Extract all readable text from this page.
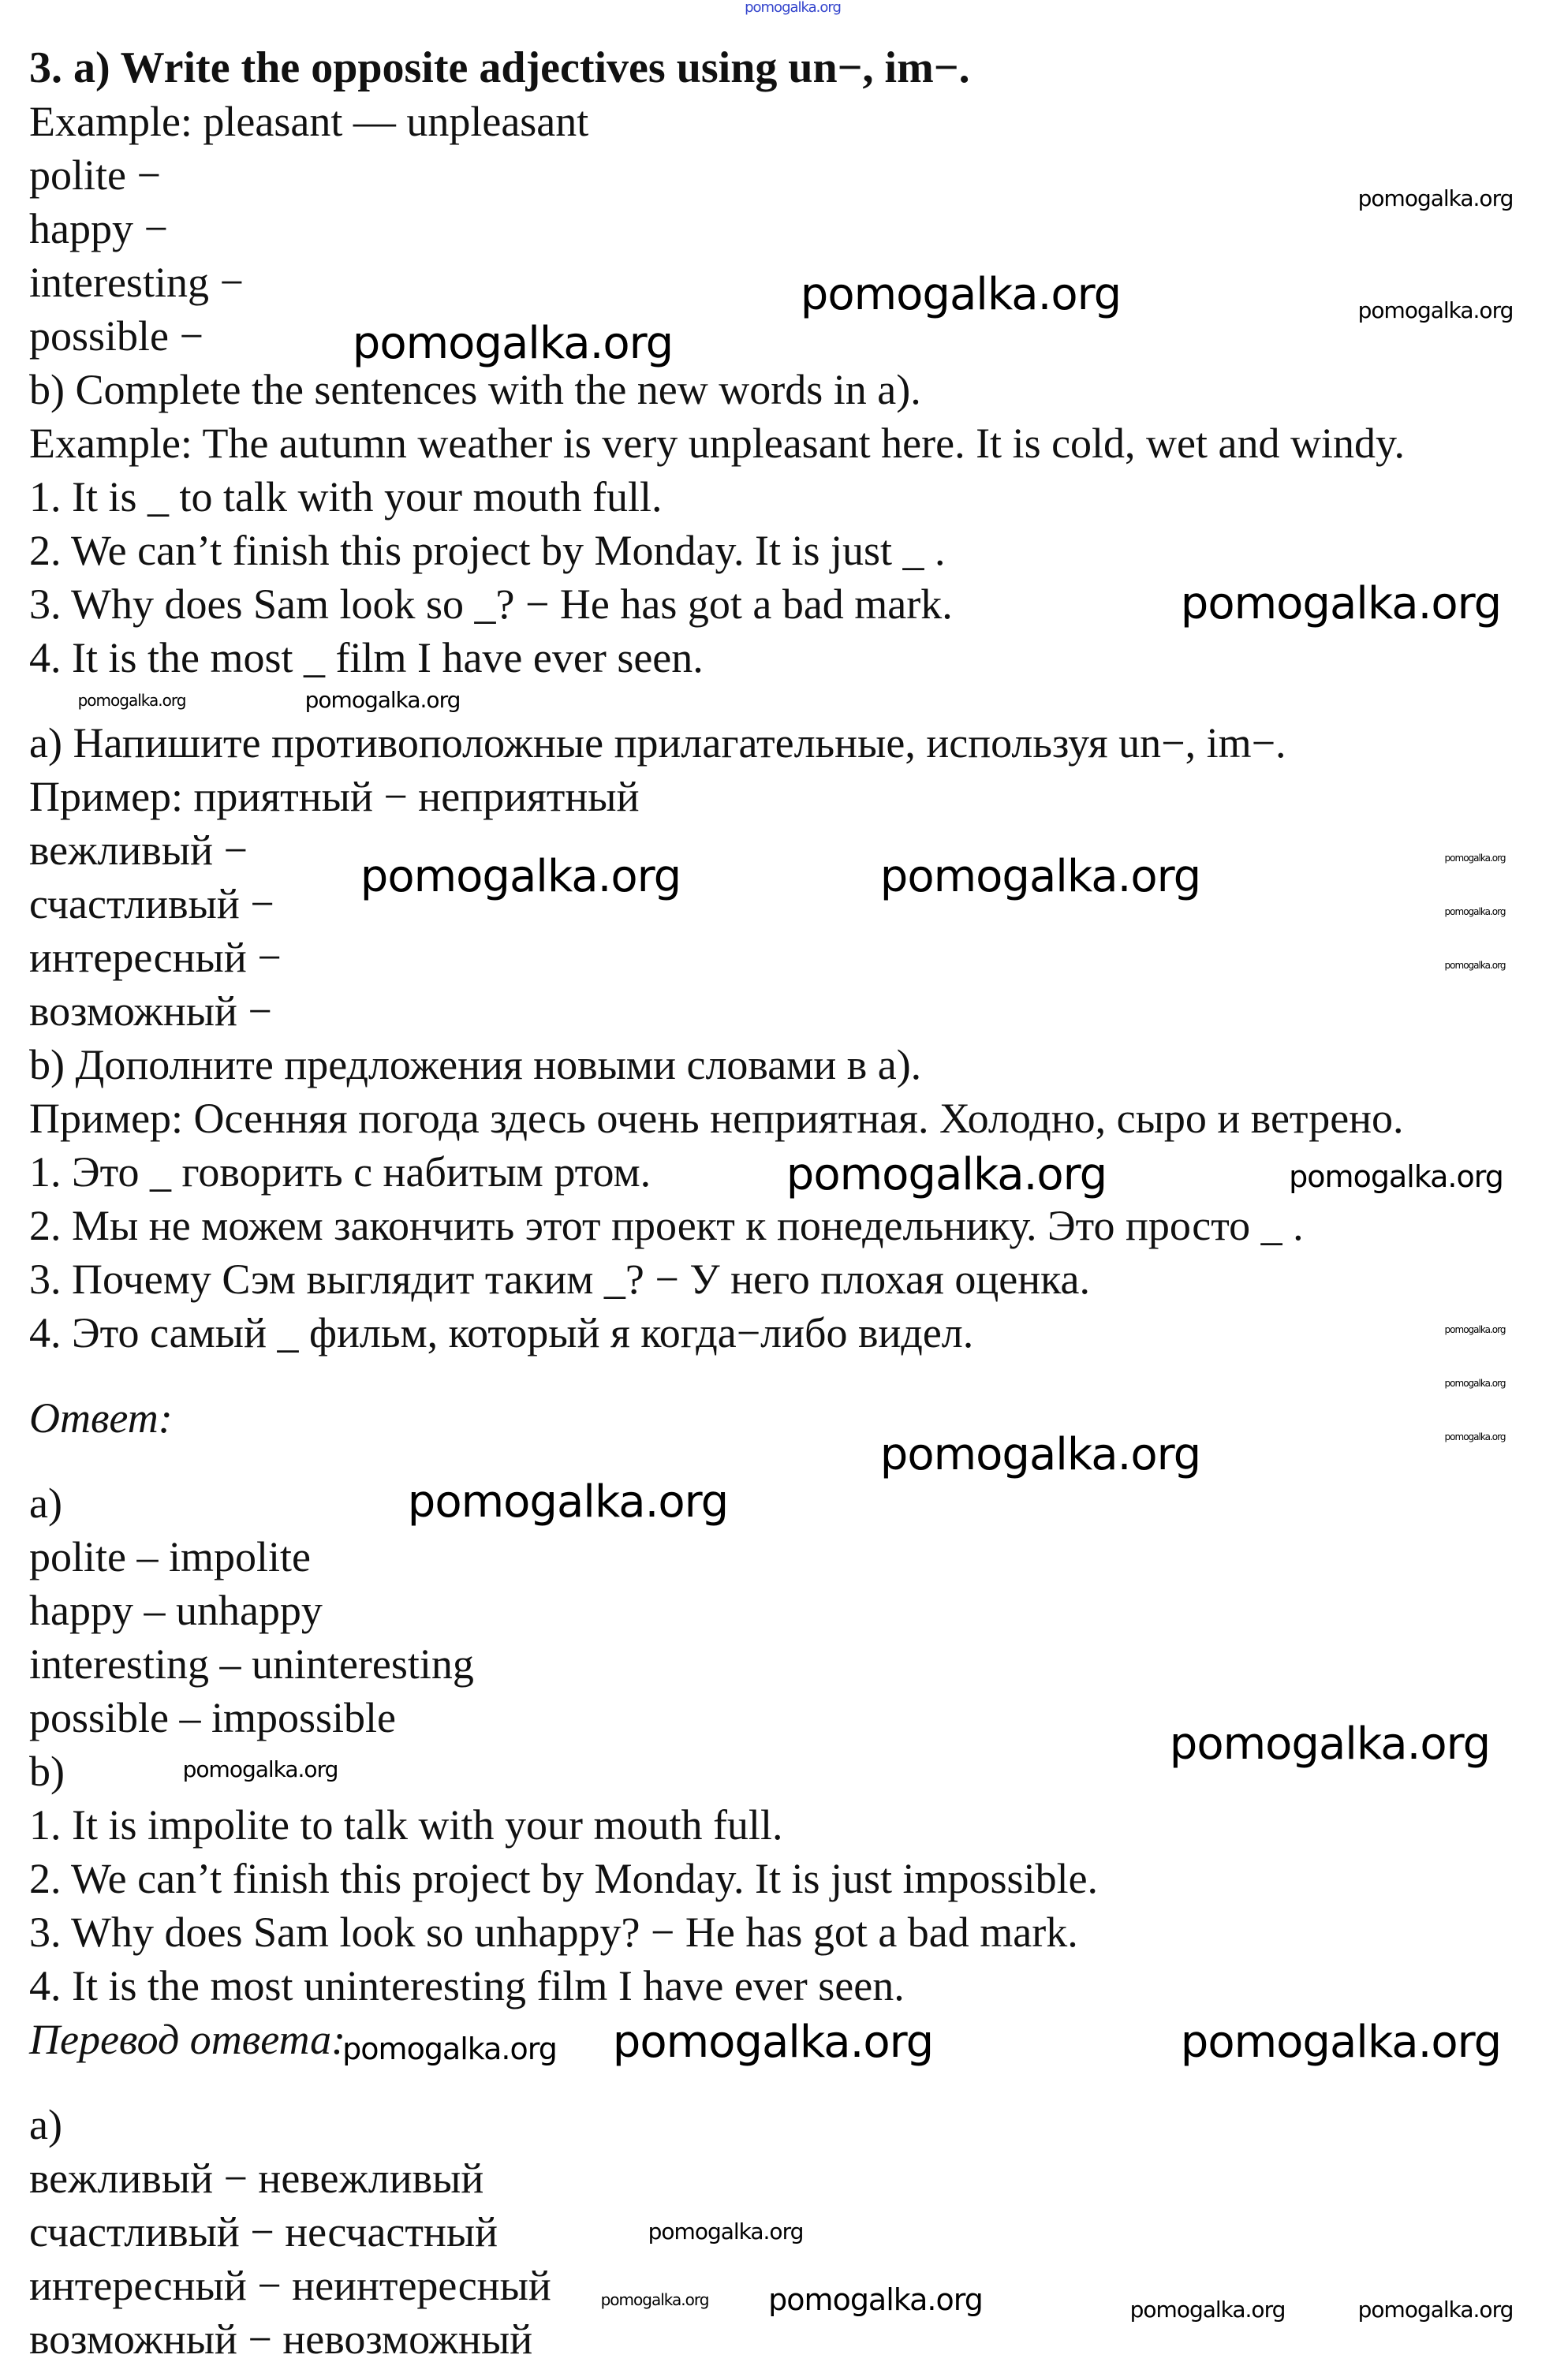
3. a) Write the opposite adjectives using un−, im−.
Example: pleasant — unpleasant
polite −
happy −
interesting −
possible −
b) Complete the sentences with the new words in a).
Example: The autumn weather is very unpleasant here. It is cold, wet and windy.
1. It is _ to talk with your mouth full.
2. We can’t finish this project by Monday. It is just _ .
3. Why does Sam look so _? − He has got a bad mark.
4. It is the most _ film I have ever seen.
a) Напишите противоположные прилагательные, используя un−, im−.
Пример: приятный − неприятный
вежливый −
счастливый −
интересный −
возможный −
b) Дополните предложения новыми словами в а).
Пример: Осенняя погода здесь очень неприятная. Холодно, сыро и ветрено.
1. Это _ говорить с набитым ртом.
2. Мы не можем закончить этот проект к понедельнику. Это просто _ .
3. Почему Сэм выглядит таким _? − У него плохая оценка.
4. Это самый _ фильм, который я когда−либо видел.
Ответ:
a)
polite – impolite
happy – unhappy
interesting – uninteresting
possible – impossible
b)
1. It is impolite to talk with your mouth full.
2. We can’t finish this project by Monday. It is just impossible.
3. Why does Sam look so unhappy? − He has got a bad mark.
4. It is the most uninteresting film I have ever seen.
Перевод ответа:
а)
вежливый − невежливый
счастливый − несчастный
интересный − неинтересный
возможный − невозможный
pomogalka.org
pomogalka.org
pomogalka.org
pomogalka.org
pomogalka.org
pomogalka.org
pomogalka.org	pomogalka.org
pomogalka.org	pomogalka.org	pomogalka.org
pomogalka.org
pomogalka.org
pomogalka.org	pomogalka.org
pomogalka.org
pomogalka.org
pomogalka.org
pomogalka.org
pomogalka.org
pomogalka.org
pomogalka.org
pomogalka.org	pomogalka.org
pomogalka.org
pomogalka.org
pomogalka.org pomogalka.org	pomogalka.org	pomogalka.org
